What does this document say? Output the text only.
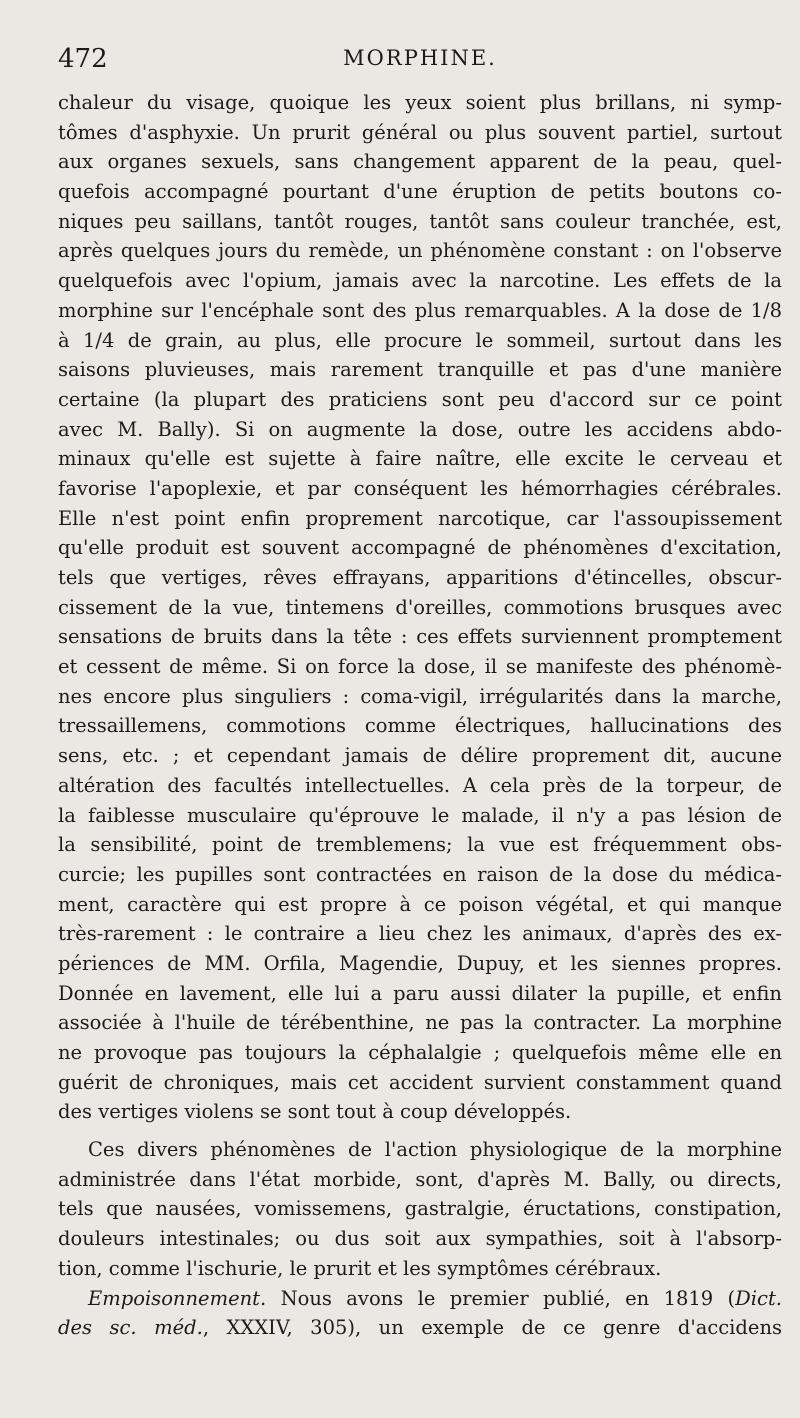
472	MORPHINE.
chaleur du visage, quoique les yeux soient plus brillans, ni symp-
tômes d'asphyxie. Un prurit général ou plus souvent partiel, surtout
aux organes sexuels, sans changement apparent de la peau, quel-
quefois accompagné pourtant d'une éruption de petits boutons co-
niques peu saillans, tantôt rouges, tantôt sans couleur tranchée, est,
après quelques jours du remède, un phénomène constant : on l'observe
quelquefois avec l'opium, jamais avec la narcotine. Les effets de la
morphine sur l'encéphale sont des plus remarquables. A la dose de 1/8
à 1/4 de grain, au plus, elle procure le sommeil, surtout dans les
saisons pluvieuses, mais rarement tranquille et pas d'une manière
certaine (la plupart des praticiens sont peu d'accord sur ce point
avec M. Bally). Si on augmente la dose, outre les accidens abdo-
minaux qu'elle est sujette à faire naître, elle excite le cerveau et
favorise l'apoplexie, et par conséquent les hémorrhagies cérébrales.
Elle n'est point enfin proprement narcotique, car l'assoupissement
qu'elle produit est souvent accompagné de phénomènes d'excitation,
tels que vertiges, rêves effrayans, apparitions d'étincelles, obscur-
cissement de la vue, tintemens d'oreilles, commotions brusques avec
sensations de bruits dans la tête : ces effets surviennent promptement
et cessent de même. Si on force la dose, il se manifeste des phénomè-
nes encore plus singuliers : coma-vigil, irrégularités dans la marche,
tressaillemens, commotions comme électriques, hallucinations des
sens, etc. ; et cependant jamais de délire proprement dit, aucune
altération des facultés intellectuelles. A cela près de la torpeur, de
la faiblesse musculaire qu'éprouve le malade, il n'y a pas lésion de
la sensibilité, point de tremblemens; la vue est fréquemment obs-
curcie; les pupilles sont contractées en raison de la dose du médica-
ment, caractère qui est propre à ce poison végétal, et qui manque
très-rarement : le contraire a lieu chez les animaux, d'après des ex-
périences de MM. Orfila, Magendie, Dupuy, et les siennes propres.
Donnée en lavement, elle lui a paru aussi dilater la pupille, et enfin
associée à l'huile de térébenthine, ne pas la contracter. La morphine
ne provoque pas toujours la céphalalgie ; quelquefois même elle en
guérit de chroniques, mais cet accident survient constamment quand
des vertiges violens se sont tout à coup développés.
Ces divers phénomènes de l'action physiologique de la morphine
administrée dans l'état morbide, sont, d'après M. Bally, ou directs,
tels que nausées, vomissemens, gastralgie, éructations, constipation,
douleurs intestinales; ou dus soit aux sympathies, soit à l'absorp-
tion, comme l'ischurie, le prurit et les symptômes cérébraux.
Empoisonnement. Nous avons le premier publié, en 1819 (Dict.
des sc. méd., XXXIV, 305), un exemple de ce genre d'accidens
